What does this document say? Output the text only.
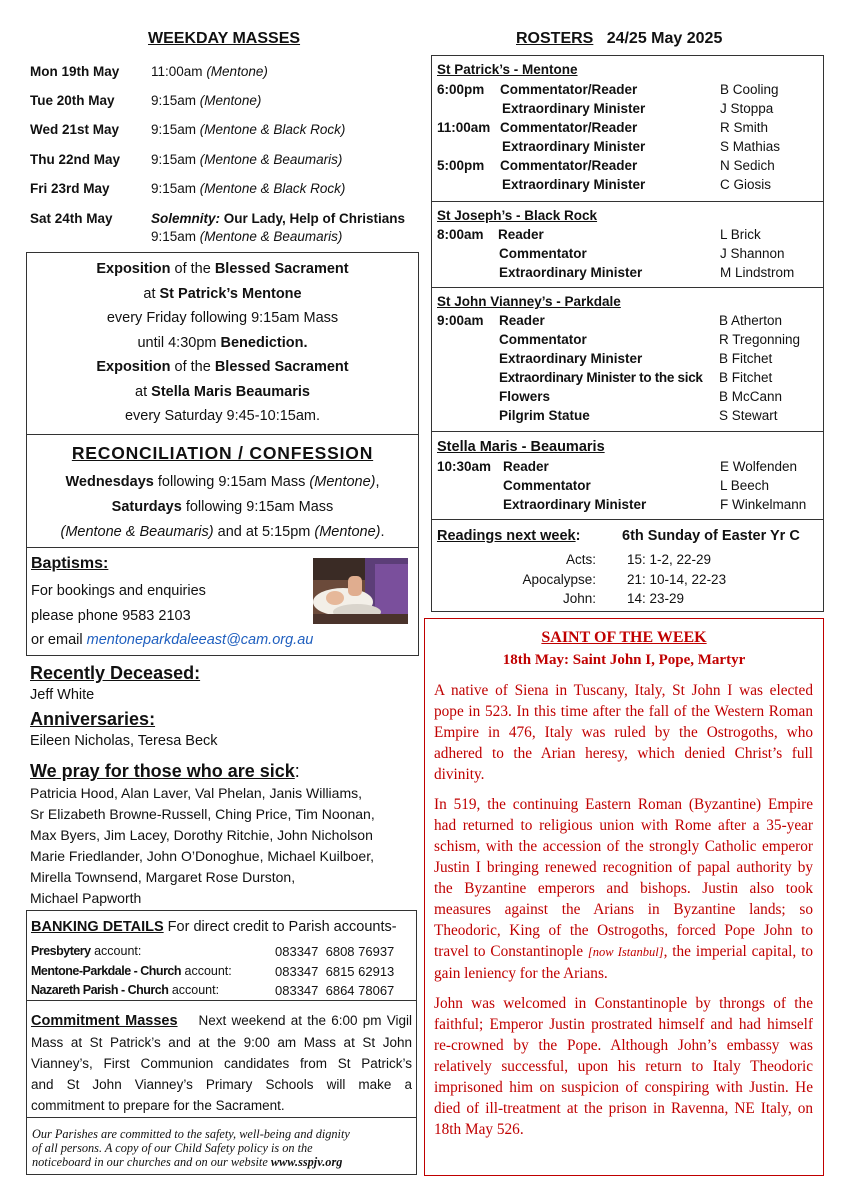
WEEKDAY MASSES
Mon 19th May	11:00am (Mentone)
Tue 20th May	9:15am (Mentone)
Wed 21st May	9:15am (Mentone & Black Rock)
Thu 22nd May	9:15am (Mentone & Beaumaris)
Fri 23rd May	9:15am (Mentone & Black Rock)
Sat 24th May	Solemnity: Our Lady, Help of Christians
9:15am (Mentone & Beaumaris)
Exposition of the Blessed Sacrament
at St Patrick’s Mentone
every Friday following 9:15am Mass
until 4:30pm Benediction.
Exposition of the Blessed Sacrament
at Stella Maris Beaumaris
every Saturday 9:45-10:15am.
RECONCILIATION / CONFESSION
Wednesdays following 9:15am Mass (Mentone),
Saturdays following 9:15am Mass
(Mentone & Beaumaris) and at 5:15pm (Mentone).
Baptisms:
For bookings and enquiries
please phone 9583 2103
or email mentoneparkdaleeast@cam.org.au
Recently Deceased:
Jeff White
Anniversaries:
Eileen Nicholas, Teresa Beck
We pray for those who are sick:
Patricia Hood, Alan Laver, Val Phelan, Janis Williams,
Sr Elizabeth Browne-Russell, Ching Price, Tim Noonan,
Max Byers, Jim Lacey, Dorothy Ritchie, John Nicholson
Marie Friedlander, John O’Donoghue, Michael Kuilboer,
Mirella Townsend, Margaret Rose Durston,
Michael Papworth
BANKING DETAILS For direct credit to Parish accounts-
Presbytery account:	083347  6808 76937
Mentone-Parkdale - Church account:	083347  6815 62913
Nazareth Parish - Church account:	083347  6864 78067
Commitment Masses Next weekend at the 6:00 pm Vigil
Mass at St Patrick’s and at the 9:00 am Mass at St John
Vianney’s, First Communion candidates from St Patrick’s
and St John Vianney’s Primary Schools will make a
commitment to prepare for the Sacrament.
Our Parishes are committed to the safety, well-being and dignity
of all persons. A copy of our Child Safety policy is on the
noticeboard in our churches and on our website www.sspjv.org
ROSTERS 24/25 May 2025
St Patrick’s - Mentone
6:00pm Commentator/Reader	B Cooling
Extraordinary Minister	J Stoppa
11:00am Commentator/Reader	R Smith
Extraordinary Minister	S Mathias
5:00pm Commentator/Reader	N Sedich
Extraordinary Minister	C Giosis
St Joseph’s - Black Rock
8:00am Reader	L Brick
Commentator	J Shannon
Extraordinary Minister	M Lindstrom
St John Vianney’s - Parkdale
9:00am Reader	B Atherton
Commentator	R Tregonning
Extraordinary Minister	B Fitchet
Extraordinary Minister to the sick B Fitchet
Flowers	B McCann
Pilgrim Statue	S Stewart
Stella Maris - Beaumaris
10:30am Reader	E Wolfenden
Commentator	L Beech
Extraordinary Minister	F Winkelmann
Readings next week:	6th Sunday of Easter Yr C
Acts: 15: 1-2, 22-29
Apocalypse: 21: 10-14, 22-23
John: 14: 23-29
SAINT OF THE WEEK
18th May: Saint John I, Pope, Martyr

A native of Siena in Tuscany, Italy, St John I was elected pope in 523. In this time after the fall of the Western Roman Empire in 476, Italy was ruled by the Ostrogoths, who adhered to the Arian heresy, which denied Christ’s full divinity.

In 519, the continuing Eastern Roman (Byzantine) Empire had returned to religious union with Rome after a 35-year schism, with the accession of the strongly Catholic emperor Justin I bringing renewed recognition of papal authority by the Byzantine emperors and bishops. Justin also took measures against the Arians in Byzantine lands; so Theodoric, King of the Ostrogoths, forced Pope John to travel to Constantinople [now Istanbul], the imperial capital, to gain leniency for the Arians.

John was welcomed in Constantinople by throngs of the faithful; Emperor Justin prostrated himself and had himself re-crowned by the Pope. Although John’s embassy was relatively successful, upon his return to Italy Theodoric imprisoned him on suspicion of conspiring with Justin. He died of ill-treatment at the prison in Ravenna, NE Italy, on 18th May 526.
